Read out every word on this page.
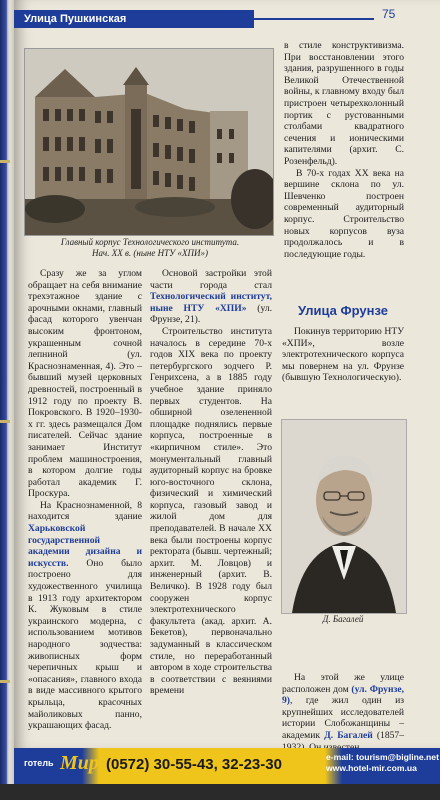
Улица Пушкинская	75
Главный корпус Технологического института.
Нач. XX в. (ныне НТУ «ХПИ»)

Сразу же за углом обращает на себя внимание трехэтажное здание с арочными окнами, главный фасад которого увенчан высоким фронтоном, украшенным сочной лепниной (ул. Краснознаменная, 4). Это – бывший музей церковных древностей, построенный в 1912 году по проекту В. Покровского. В 1920–1930-х гг. здесь размещался Дом писателей. Сейчас здание занимает Институт проблем машиностроения, в котором долгие годы работал академик Г. Проскура.

На Краснознаменной, 8 находится здание Харьковской государственной академии дизайна и искусств. Оно было построено для художественного училища в 1913 году архитектором К. Жуковым в стиле украинского модерна, с использованием мотивов народного зодчества: живописных форм черепичных крыш и «опасания», главного входа в виде массивного крытого крыльца, красочных майоликовых панно, украшающих фасад.

Основой застройки этой части города стал Технологический институт, ныне НТУ «ХПИ» (ул. Фрунзе, 21).

Строительство института началось в середине 70-х годов XIX века по проекту петербургского зодчего Р. Генрихсена, а в 1885 году учебное здание приняло первых студентов. На обширной озелененной площадке поднялись первые корпуса, построенные в «кирпичном стиле». Это монументальный главный аудиторный корпус на бровке юго-восточного склона, физический и химический корпуса, газовый завод и жилой дом для преподавателей. В начале XX века были построены корпус ректората (бывш. чертежный; архит. М. Ловцов) и инженерный (архит. В. Величко). В 1928 году был сооружен корпус электротехнического факультета (акад. архит. А. Бекетов), первоначально задуманный в классическом стиле, но переработанный автором в ходе строительства в соответствии с веяниями времени

в стиле конструктивизма. При восстановлении этого здания, разрушенного в годы Великой Отечественной войны, к главному входу был пристроен четырехколонный портик с рустованными столбами квадратного сечения и ионическими капителями (архит. С. Розенфельд).

В 70-х годах XX века на вершине склона по ул. Шевченко построен современный аудиторный корпус. Строительство новых корпусов вуза продолжалось и в последующие годы.

Улица Фрунзе

Покинув территорию НТУ «ХПИ», возле электротехнического корпуса мы повернем на ул. Фрунзе (бывшую Технологическую).

Д. Багалей

На этой же улице расположен дом (ул. Фрунзе, 9), где жил один из крупнейших исследователей истории Слобожанщины – академик Д. Багалей (1857–

готель Мир (0572) 30-55-43, 32-23-30	e-mail: tourism@bigline.net
www.hotel-mir.com.ua
